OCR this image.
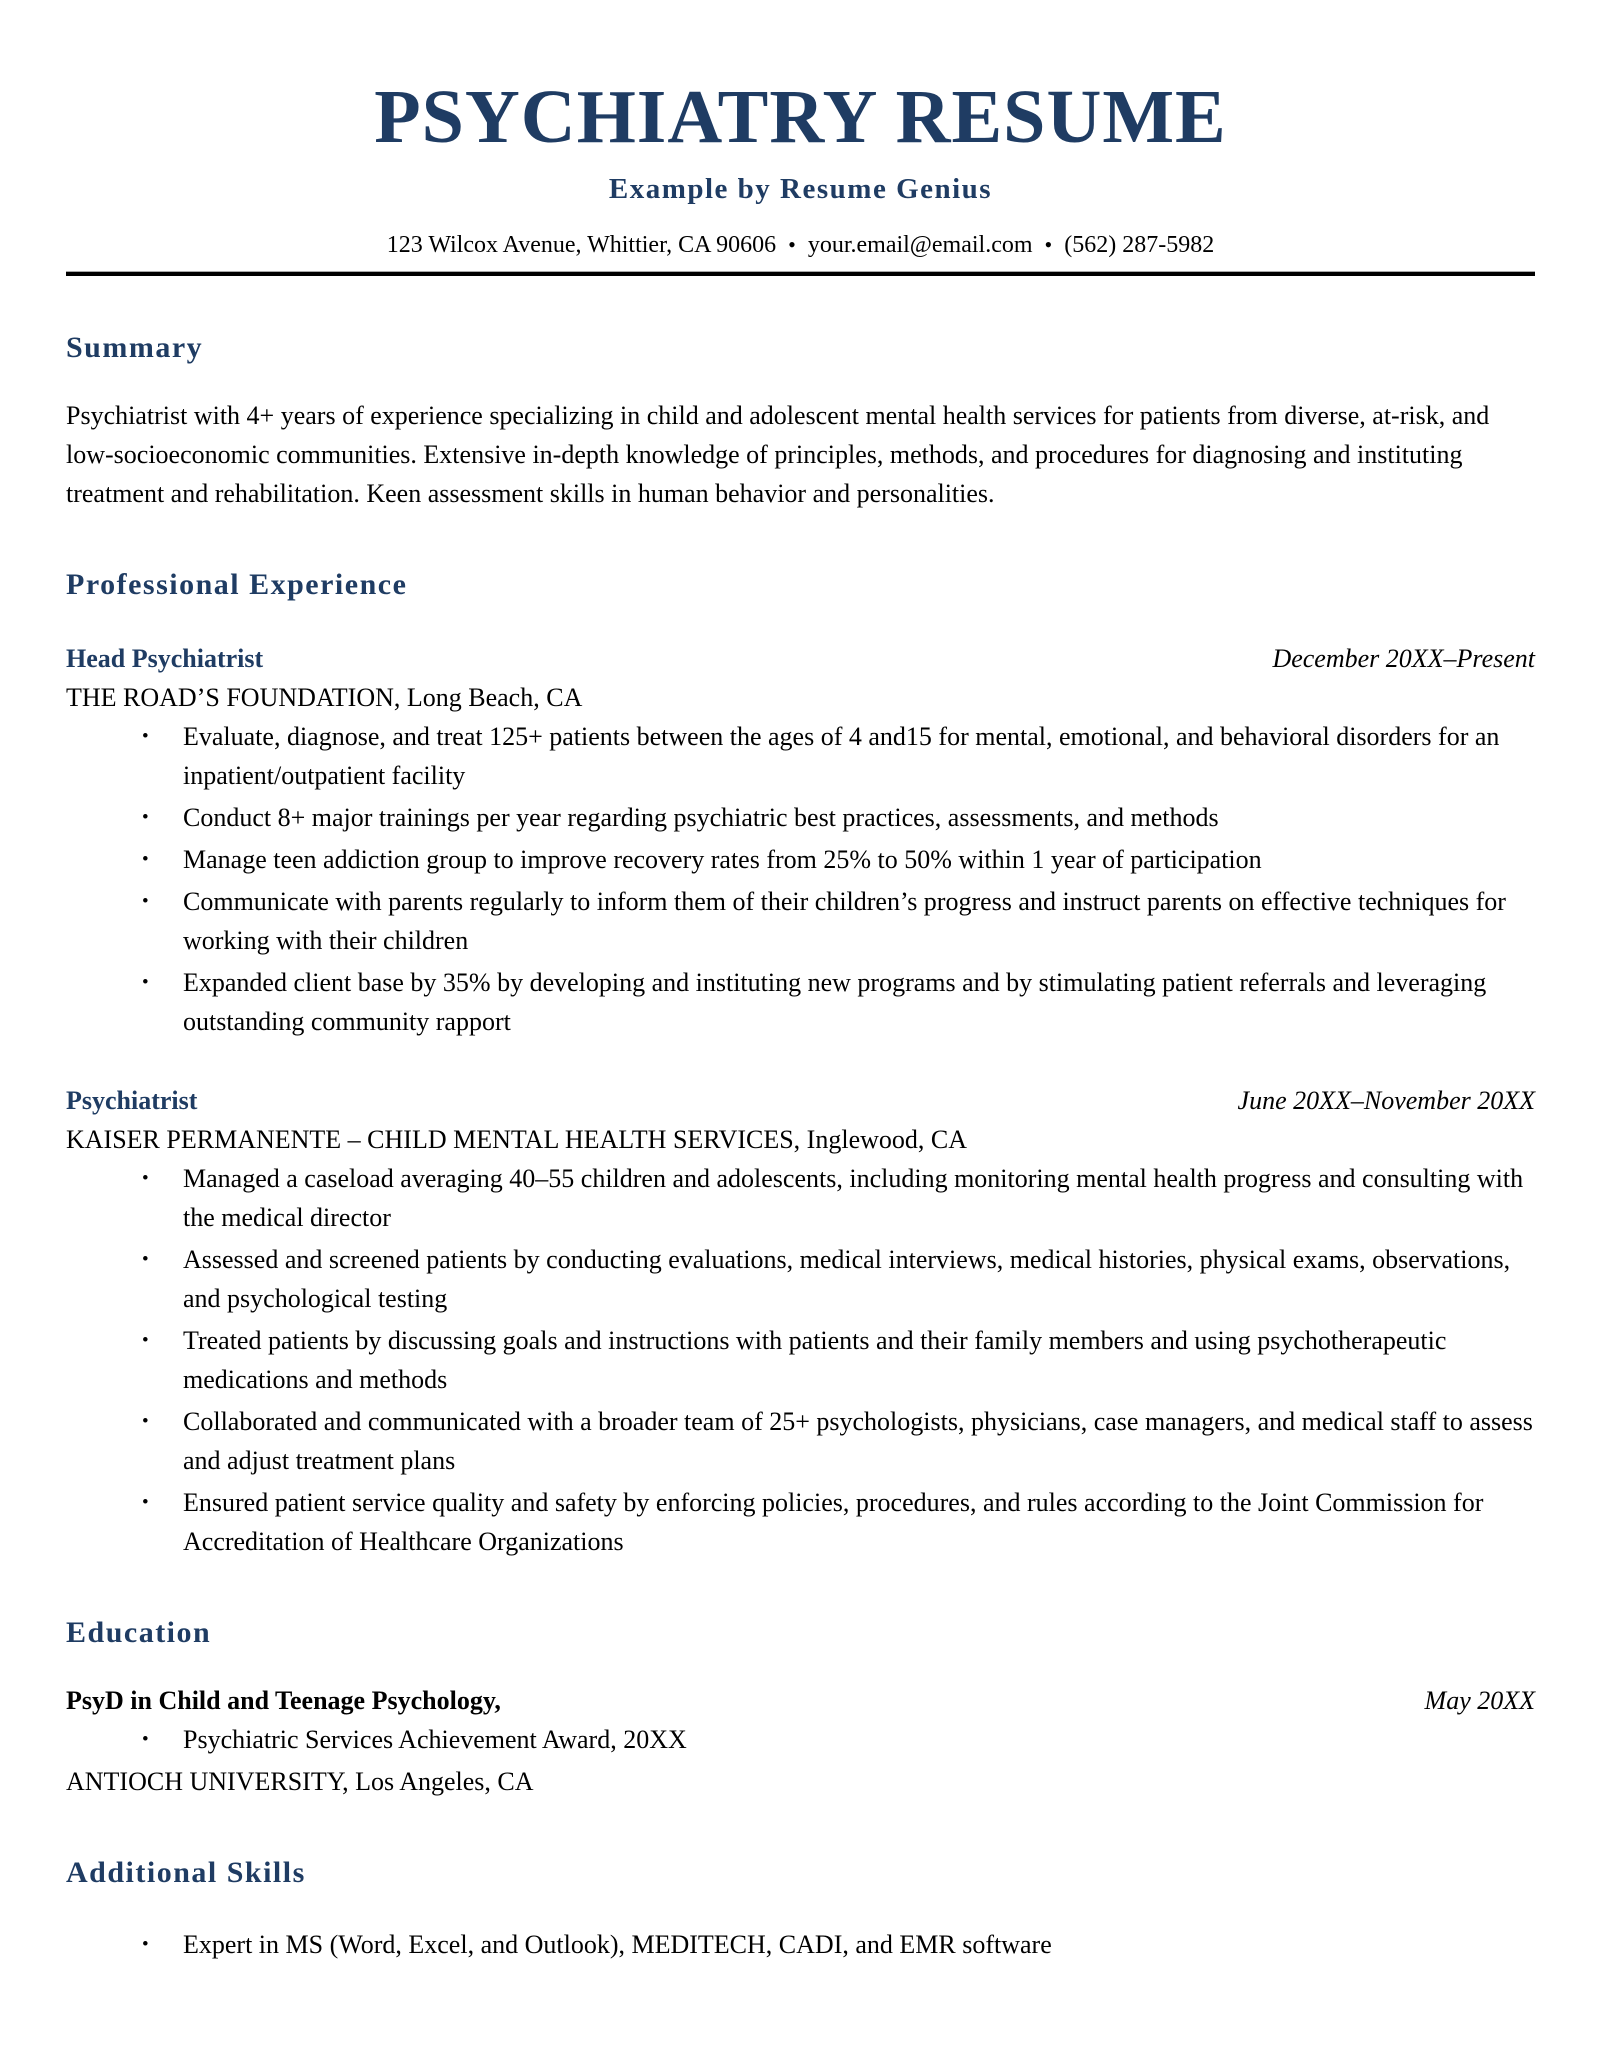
PSYCHIATRY RESUME
Example by Resume Genius
123 Wilcox Avenue, Whittier, CA 90606 • your.email@email.com • (562) 287-5982
Summary

Psychiatrist with 4+ years of experience specializing in child and adolescent mental health services for patients from diverse, at-risk, and low-socioeconomic communities. Extensive in-depth knowledge of principles, methods, and procedures for diagnosing and instituting treatment and rehabilitation. Keen assessment skills in human behavior and personalities.

Professional Experience
Head Psychiatrist	December 20XX–Present
THE ROAD’S FOUNDATION, Long Beach, CA
• Evaluate, diagnose, and treat 125+ patients between the ages of 4 and15 for mental, emotional, and behavioral disorders for an inpatient/outpatient facility
• Conduct 8+ major trainings per year regarding psychiatric best practices, assessments, and methods
• Manage teen addiction group to improve recovery rates from 25% to 50% within 1 year of participation
• Communicate with parents regularly to inform them of their children’s progress and instruct parents on effective techniques for working with their children
• Expanded client base by 35% by developing and instituting new programs and by stimulating patient referrals and leveraging outstanding community rapport
Psychiatrist	June 20XX–November 20XX
KAISER PERMANENTE – CHILD MENTAL HEALTH SERVICES, Inglewood, CA
• Managed a caseload averaging 40–55 children and adolescents, including monitoring mental health progress and consulting with the medical director
• Assessed and screened patients by conducting evaluations, medical interviews, medical histories, physical exams, observations, and psychological testing
• Treated patients by discussing goals and instructions with patients and their family members and using psychotherapeutic medications and methods
• Collaborated and communicated with a broader team of 25+ psychologists, physicians, case managers, and medical staff to assess and adjust treatment plans
• Ensured patient service quality and safety by enforcing policies, procedures, and rules according to the Joint Commission for Accreditation of Healthcare Organizations
Education
PsyD in Child and Teenage Psychology,	May 20XX
• Psychiatric Services Achievement Award, 20XX
ANTIOCH UNIVERSITY, Los Angeles, CA
Additional Skills
• Expert in MS (Word, Excel, and Outlook), MEDITECH, CADI, and EMR software
